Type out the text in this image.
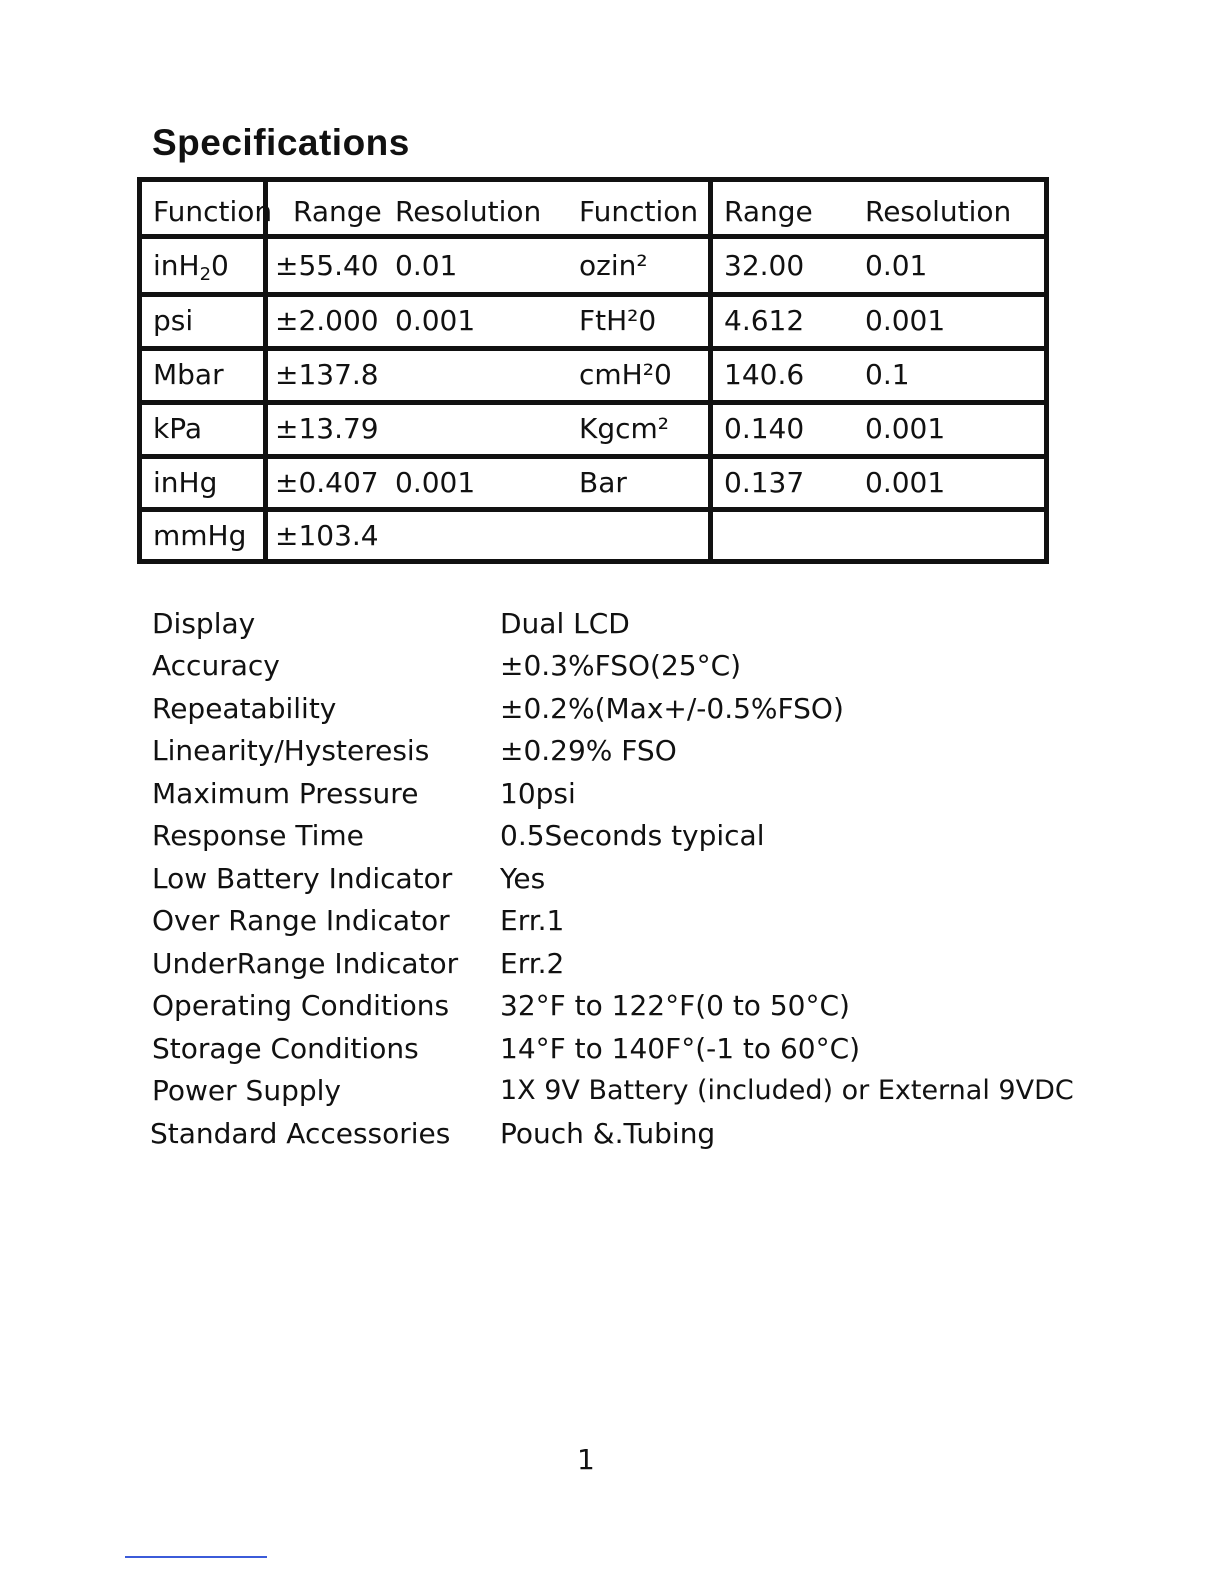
Specifications
Function Range Resolution Function Range Resolution
inH$_2$0 ±55.40 0.01	ozin²	32.00 0.01
psi	±2.000 0.001	FtH²0 4.612 0.001
Mbar ±137.8	cmH²0 140.6 0.1
kPa	±13.79	Kgcm² 0.140 0.001
inHg ±0.407 0.001	Bar	0.137 0.001
mmHg ±103.4
Display	Dual LCD
Accuracy	±0.3%FSO(25°C)
Repeatability	±0.2%(Max+/-0.5%FSO)
Linearity/Hysteresis	±0.29% FSO
Maximum Pressure	10psi
Response Time	0.5Seconds typical
Low Battery Indicator Yes
Over Range Indicator Err.1
UnderRange Indicator Err.2
Operating Conditions 32°F to 122°F(0 to 50°C)
Storage Conditions	14°F to 140F°(-1 to 60°C)
Power Supply	1X 9V Battery (included) or External 9VDC
Standard Accessories Pouch &.Tubing
1
